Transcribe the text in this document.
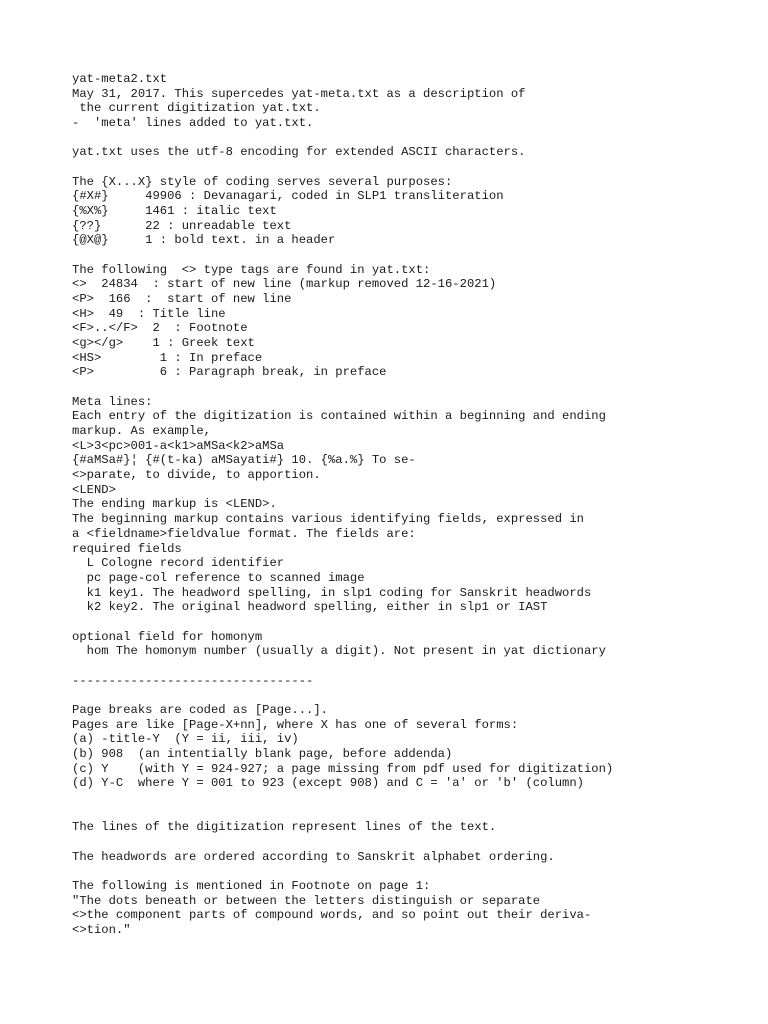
yat-meta2.txt
May 31, 2017. This supercedes yat-meta.txt as a description of
the current digitization yat.txt.
-  'meta' lines added to yat.txt.
yat.txt uses the utf-8 encoding for extended ASCII characters.
The {X...X} style of coding serves several purposes:
{#X#}     49906 : Devanagari, coded in SLP1 transliteration
{%X%}     1461 : italic text
{??}      22 : unreadable text
{@X@}     1 : bold text. in a header
The following  <> type tags are found in yat.txt:
<>  24834  : start of new line (markup removed 12-16-2021)
<P>  166  :  start of new line
<H>  49  : Title line
<F>..</F>  2  : Footnote
<g></g>    1 : Greek text
<HS>        1 : In preface
<P>         6 : Paragraph break, in preface
Meta lines:
Each entry of the digitization is contained within a beginning and ending
markup. As example,
<L>3<pc>001-a<k1>aMSa<k2>aMSa
{#aMSa#}¦ {#(t-ka) aMSayati#} 10. {%a.%} To se-
<>parate, to divide, to apportion.
<LEND>
The ending markup is <LEND>.
The beginning markup contains various identifying fields, expressed in
a <fieldname>fieldvalue format. The fields are:
required fields
L Cologne record identifier
pc page-col reference to scanned image
k1 key1. The headword spelling, in slp1 coding for Sanskrit headwords
k2 key2. The original headword spelling, either in slp1 or IAST
optional field for homonym
hom The homonym number (usually a digit). Not present in yat dictionary
---------------------------------
Page breaks are coded as [Page...].
Pages are like [Page-X+nn], where X has one of several forms:
(a) -title-Y  (Y = ii, iii, iv)
(b) 908  (an intentially blank page, before addenda)
(c) Y    (with Y = 924-927; a page missing from pdf used for digitization)
(d) Y-C  where Y = 001 to 923 (except 908) and C = 'a' or 'b' (column)
The lines of the digitization represent lines of the text.
The headwords are ordered according to Sanskrit alphabet ordering.
The following is mentioned in Footnote on page 1:
"The dots beneath or between the letters distinguish or separate
<>the component parts of compound words, and so point out their deriva-
<>tion."
